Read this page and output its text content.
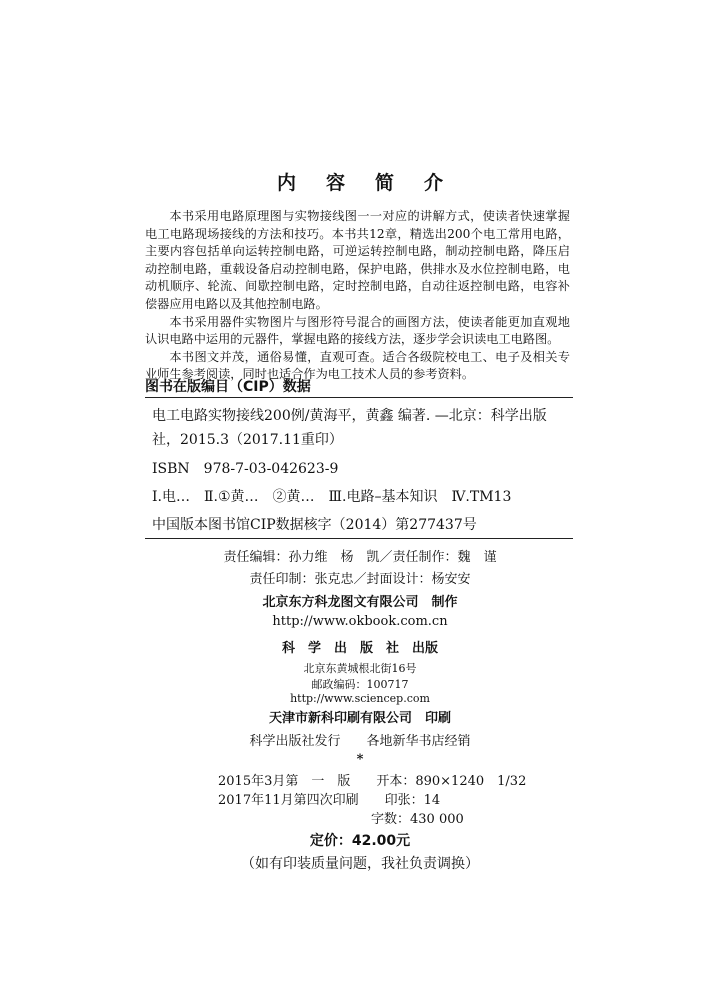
内容简介

本书采用电路原理图与实物接线图一一对应的讲解方式，使读者快速掌握电工电路现场接线的方法和技巧。本书共12章，精选出200个电工常用电路，主要内容包括单向运转控制电路，可逆运转控制电路，制动控制电路，降压启动控制电路，重载设备启动控制电路，保护电路，供排水及水位控制电路，电动机顺序、轮流、间歇控制电路，定时控制电路，自动往返控制电路，电容补偿器应用电路以及其他控制电路。

本书采用器件实物图片与图形符号混合的画图方法，使读者能更加直观地认识电路中运用的元器件，掌握电路的接线方法，逐步学会识读电工电路图。

本书图文并茂，通俗易懂，直观可查。适合各级院校电工、电子及相关专业师生参考阅读，同时也适合作为电工技术人员的参考资料。

图书在版编目（CIP）数据
电工电路实物接线200例/黄海平，黄鑫 编著. —北京：科学出版社，2015.3（2017.11重印）
ISBN　978-7-03-042623-9
Ⅰ.电…　Ⅱ.①黄…　②黄…　Ⅲ.电路–基本知识　Ⅳ.TM13
中国版本图书馆CIP数据核字（2014）第277437号
责任编辑：孙力维　杨　凯／责任制作：魏　谨
责任印制：张克忠／封面设计：杨安安
北京东方科龙图文有限公司　制作
http://www.okbook.com.cn
科　学　出　版　社　出版
北京东黄城根北街16号
邮政编码：100717
http://www.sciencep.com
天津市新科印刷有限公司　印刷
科学出版社发行　　各地新华书店经销
*
2015年3月第　一　版　　开本：890×1240　1/32
2017年11月第四次印刷　　印张：14
字数：430 000
定价：42.00元
（如有印装质量问题，我社负责调换）
